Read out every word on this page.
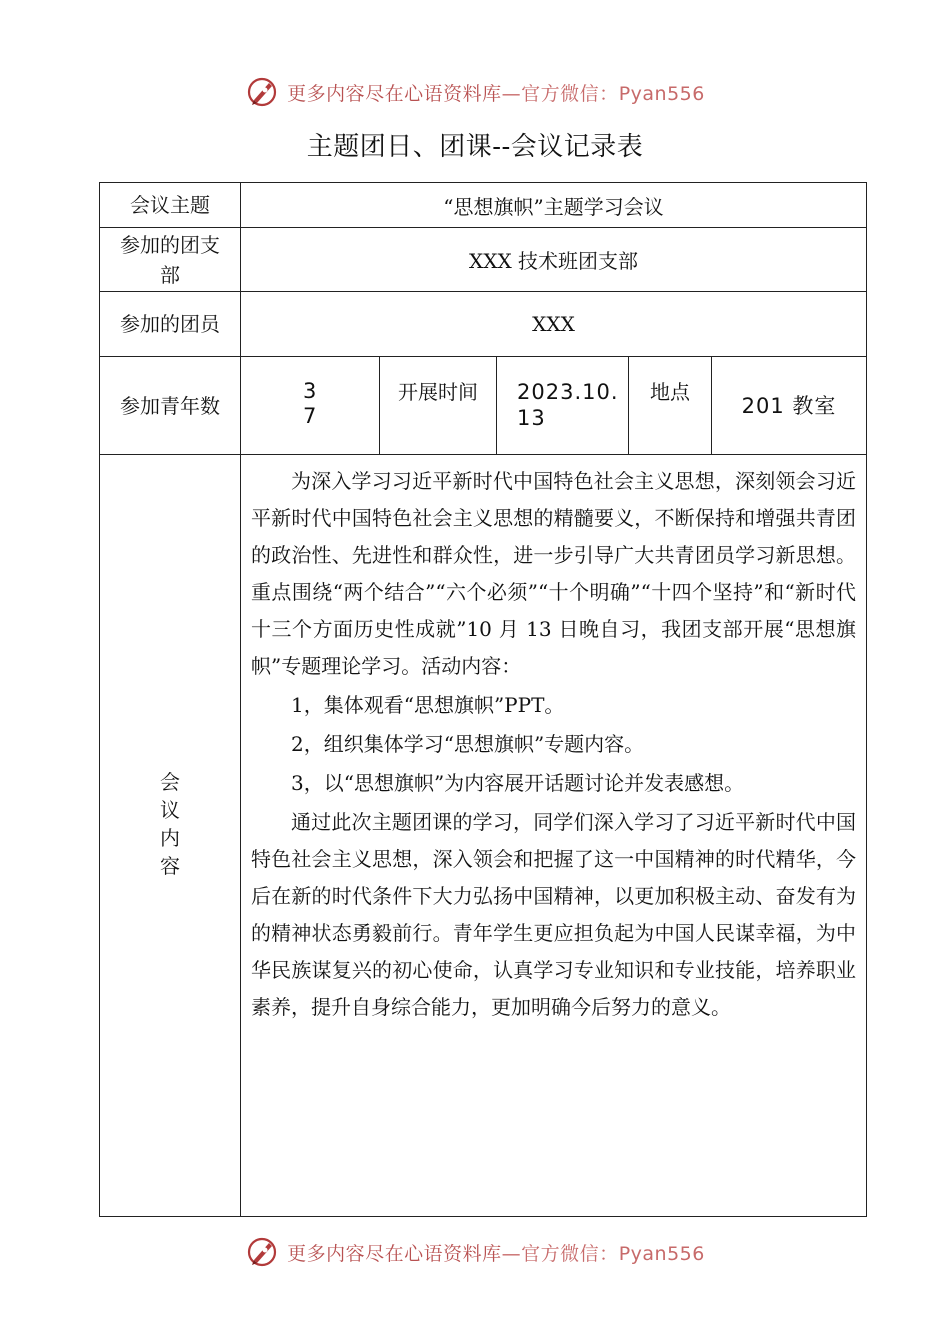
更多内容尽在心语资料库—官方微信：Pyan556
主题团日、团课--会议记录表
会议主题	“思想旗帜”主题学习会议				
参加的团支部	XXX 技术班团支部				
参加的团员	XXX				
参加青年数	37	开展时间	2023.10.13	地点	201 教室

会议内容	为深入学习习近平新时代中国特色社会主义思想，深刻领会习近平新时代中国特色社会主义思想的精髓要义，不断保持和增强共青团的政治性、先进性和群众性，进一步引导广大共青团员学习新思想。重点围绕“两个结合”“六个必须”“十个明确”“十四个坚持”和“新时代十三个方面历史性成就”10 月 13 日晚自习，我团支部开展“思想旗帜”专题理论学习。活动内容：

1，集体观看“思想旗帜”PPT。

2，组织集体学习“思想旗帜”专题内容。

3，以“思想旗帜”为内容展开话题讨论并发表感想。

通过此次主题团课的学习，同学们深入学习了习近平新时代中国特色社会主义思想，深入领会和把握了这一中国精神的时代精华，今后在新的时代条件下大力弘扬中国精神，以更加积极主动、奋发有为的精神状态勇毅前行。青年学生更应担负起为中国人民谋幸福，为中华民族谋复兴的初心使命，认真学习专业知识和专业技能，培养职业素养，提升自身综合能力，更加明确今后努力的意义。				

更多内容尽在心语资料库—官方微信：Pyan556
